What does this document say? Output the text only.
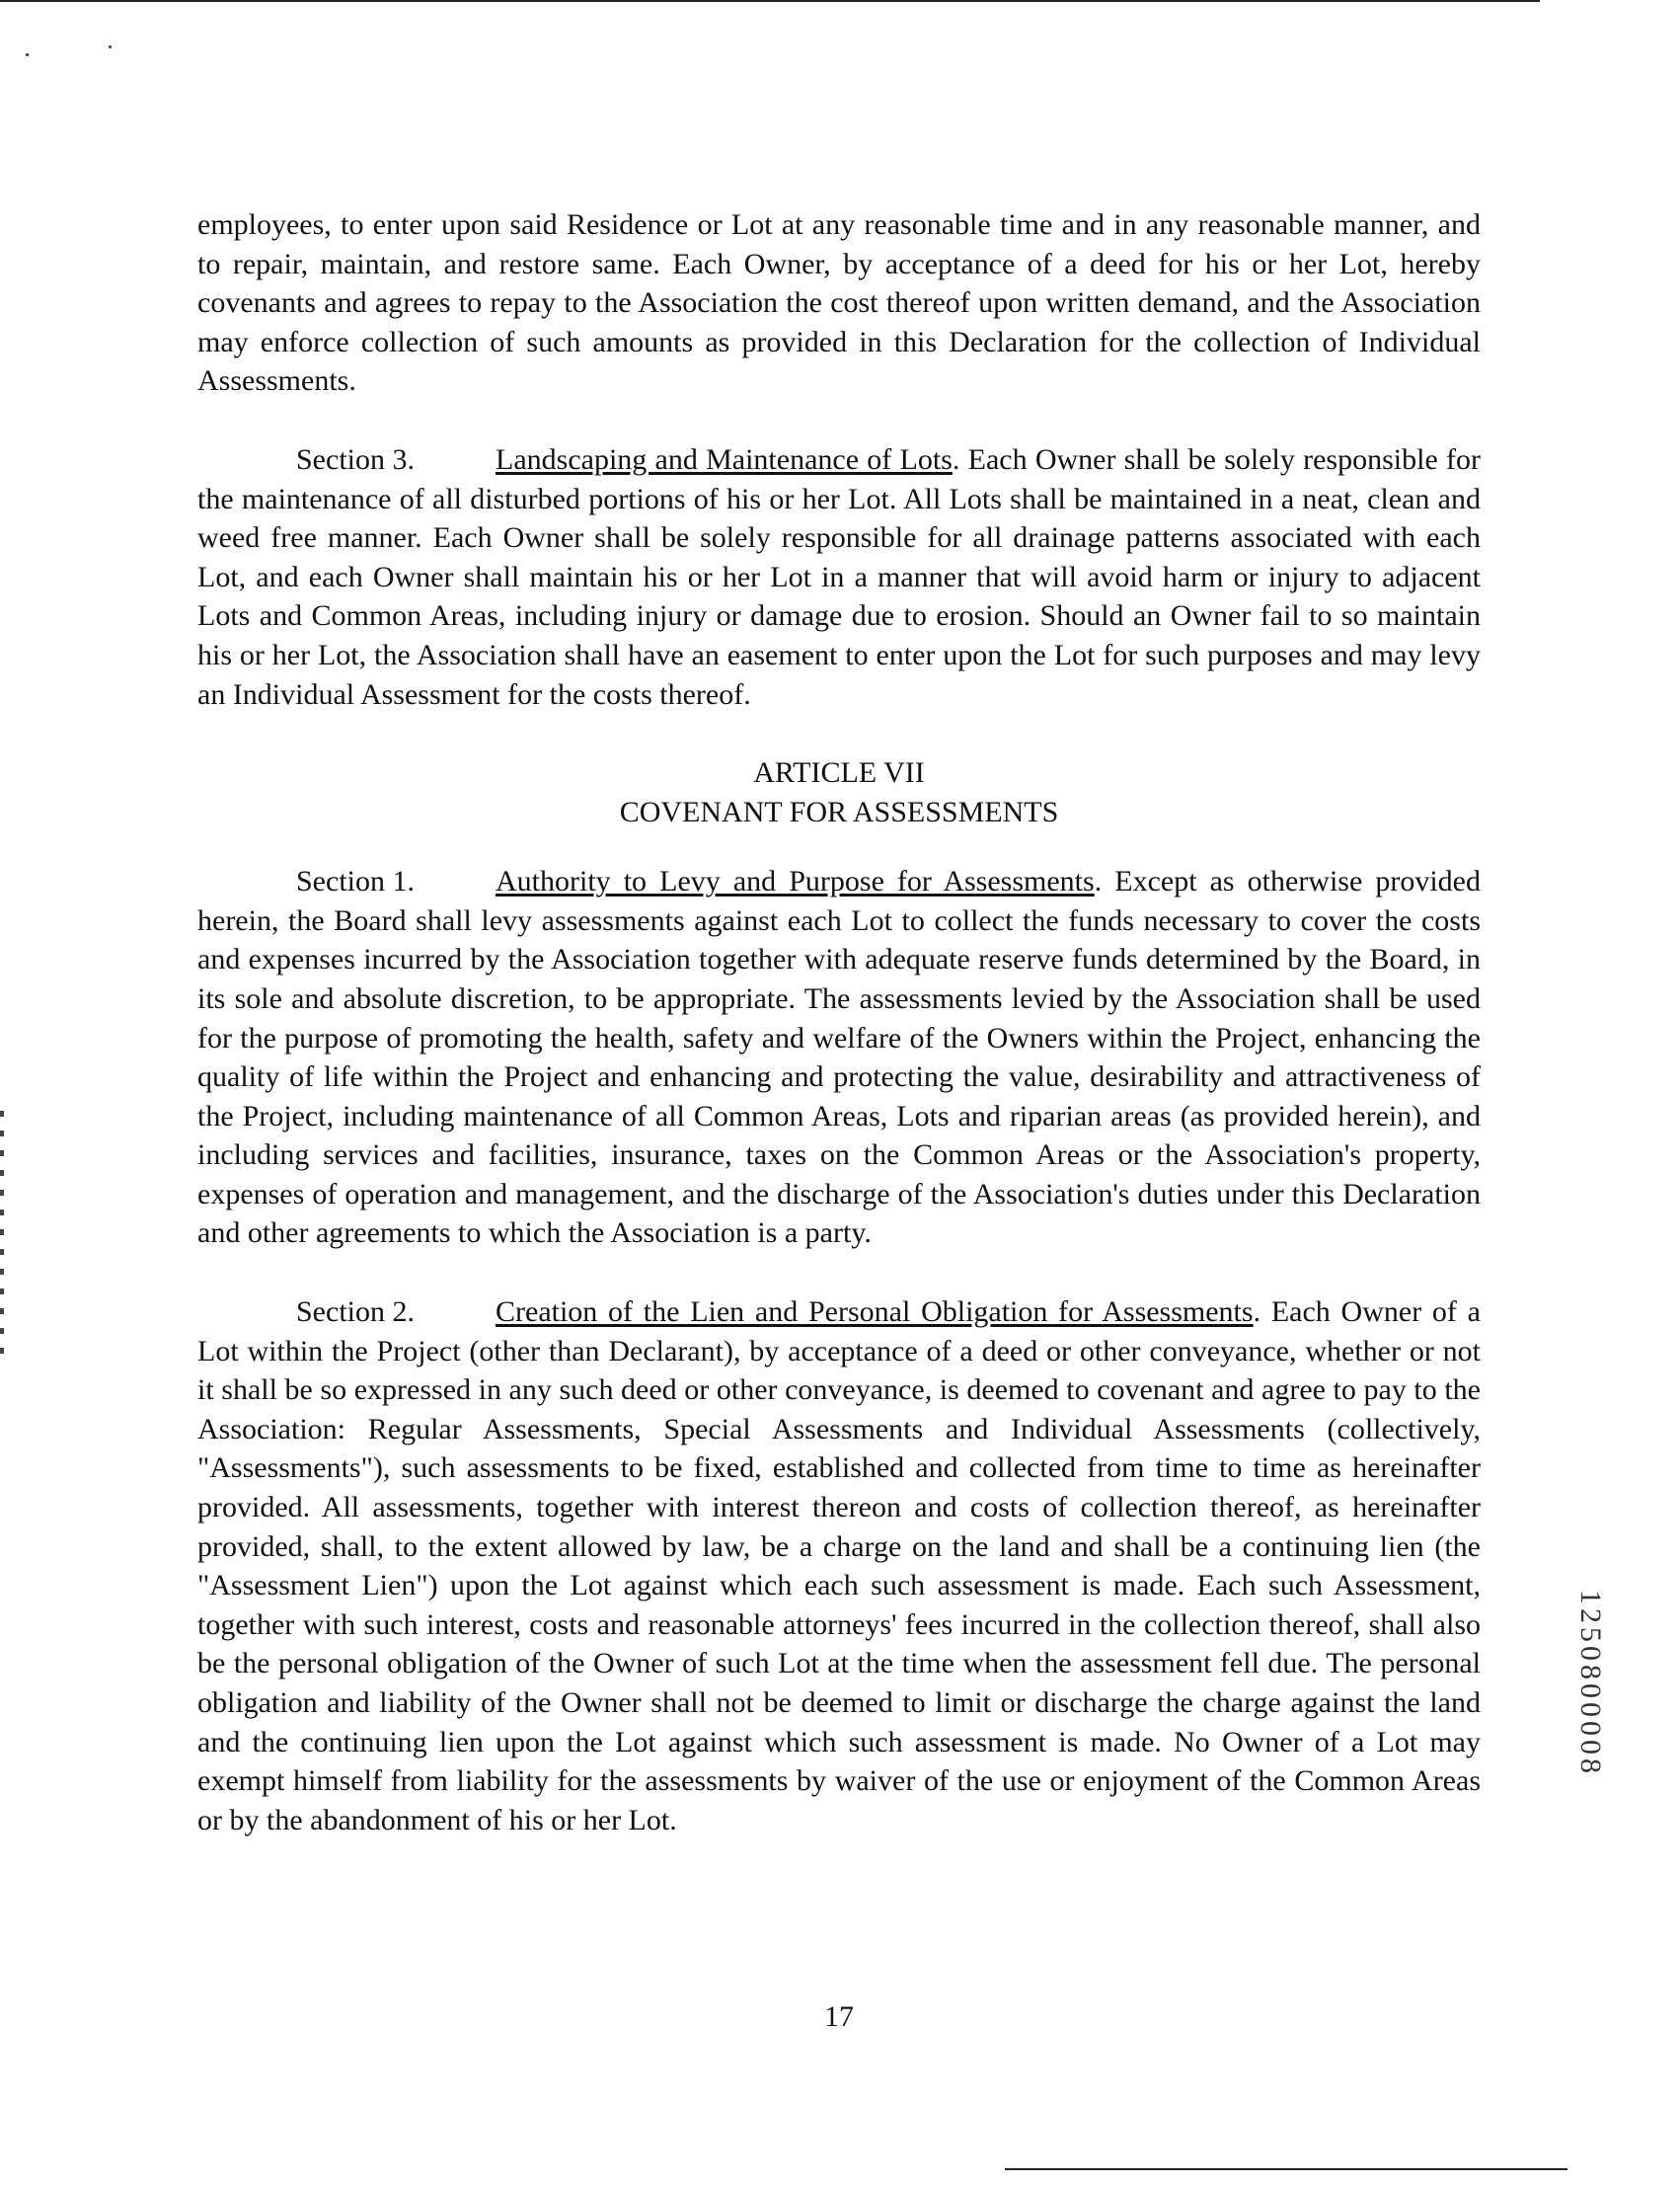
employees, to enter upon said Residence or Lot at any reasonable time and in any reasonable manner, and to repair, maintain, and restore same. Each Owner, by acceptance of a deed for his or her Lot, hereby covenants and agrees to repay to the Association the cost thereof upon written demand, and the Association may enforce collection of such amounts as provided in this Declaration for the collection of Individual Assessments.

Section 3.	Landscaping and Maintenance of Lots. Each Owner shall be solely responsible for the maintenance of all disturbed portions of his or her Lot. All Lots shall be maintained in a neat, clean and weed free manner. Each Owner shall be solely responsible for all drainage patterns associated with each Lot, and each Owner shall maintain his or her Lot in a manner that will avoid harm or injury to adjacent Lots and Common Areas, including injury or damage due to erosion. Should an Owner fail to so maintain his or her Lot, the Association shall have an easement to enter upon the Lot for such purposes and may levy an Individual Assessment for the costs thereof.

ARTICLE VII
COVENANT FOR ASSESSMENTS

Section 1.	Authority to Levy and Purpose for Assessments. Except as otherwise provided herein, the Board shall levy assessments against each Lot to collect the funds necessary to cover the costs and expenses incurred by the Association together with adequate reserve funds determined by the Board, in its sole and absolute discretion, to be appropriate. The assessments levied by the Association shall be used for the purpose of promoting the health, safety and welfare of the Owners within the Project, enhancing the quality of life within the Project and enhancing and protecting the value, desirability and attractiveness of the Project, including maintenance of all Common Areas, Lots and riparian areas (as provided herein), and including services and facilities, insurance, taxes on the Common Areas or the Association's property, expenses of operation and management, and the discharge of the Association's duties under this Declaration and other agreements to which the Association is a party.

Section 2.	Creation of the Lien and Personal Obligation for Assessments. Each Owner of a Lot within the Project (other than Declarant), by acceptance of a deed or other conveyance, whether or not it shall be so expressed in any such deed or other conveyance, is deemed to covenant and agree to pay to the Association: Regular Assessments, Special Assessments and Individual Assessments (collectively, "Assessments"), such assessments to be fixed, established and collected from time to time as hereinafter provided. All assessments, together with interest thereon and costs of collection thereof, as hereinafter provided, shall, to the extent allowed by law, be a charge on the land and shall be a continuing lien (the "Assessment Lien") upon the Lot against which each such assessment is made. Each such Assessment, together with such interest, costs and reasonable attorneys' fees incurred in the collection thereof, shall also be the personal obligation of the Owner of such Lot at the time when the assessment fell due. The personal obligation and liability of the Owner shall not be deemed to limit or discharge the charge against the land and the continuing lien upon the Lot against which such assessment is made. No Owner of a Lot may exempt himself from liability for the assessments by waiver of the use or enjoyment of the Common Areas or by the abandonment of his or her Lot.

17
1250800008
